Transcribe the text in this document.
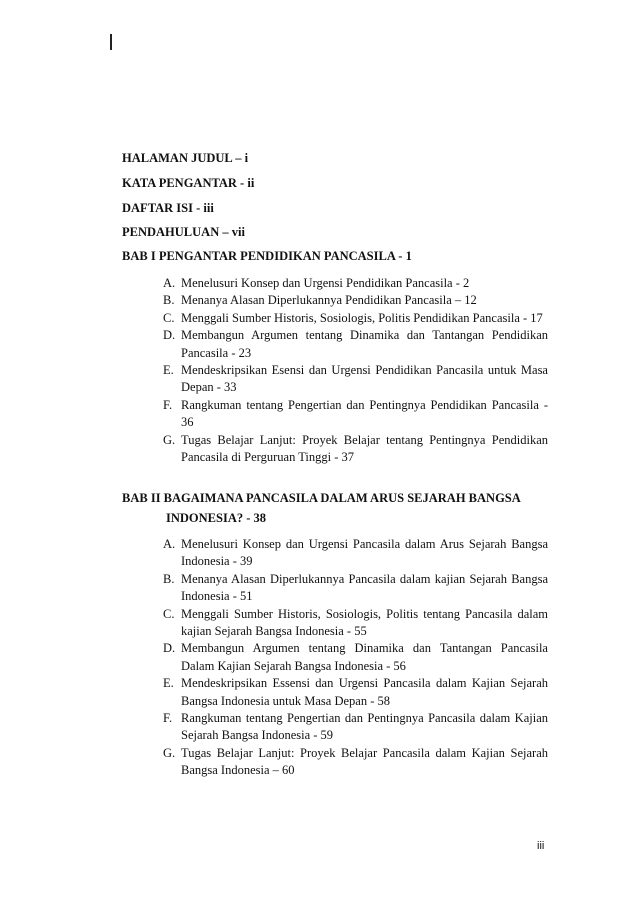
HALAMAN JUDUL – i
KATA PENGANTAR - ii
DAFTAR ISI - iii
PENDAHULUAN – vii
BAB I PENGANTAR PENDIDIKAN PANCASILA - 1
A. Menelusuri Konsep dan Urgensi Pendidikan Pancasila - 2
B. Menanya Alasan Diperlukannya Pendidikan Pancasila – 12
C. Menggali Sumber Historis, Sosiologis, Politis Pendidikan Pancasila - 17
D. Membangun Argumen tentang Dinamika dan Tantangan Pendidikan Pancasila - 23
E. Mendeskripsikan Esensi dan Urgensi Pendidikan Pancasila untuk Masa Depan - 33
F. Rangkuman tentang Pengertian dan Pentingnya Pendidikan Pancasila - 36
G. Tugas Belajar Lanjut: Proyek Belajar tentang Pentingnya Pendidikan Pancasila di Perguruan Tinggi - 37
BAB II BAGAIMANA PANCASILA DALAM ARUS SEJARAH BANGSA
INDONESIA? - 38
A. Menelusuri Konsep dan Urgensi Pancasila dalam Arus Sejarah Bangsa Indonesia - 39
B. Menanya Alasan Diperlukannya Pancasila dalam kajian Sejarah Bangsa Indonesia - 51
C. Menggali Sumber Historis, Sosiologis, Politis tentang Pancasila dalam kajian Sejarah Bangsa Indonesia - 55
D. Membangun Argumen tentang Dinamika dan Tantangan Pancasila Dalam Kajian Sejarah Bangsa Indonesia - 56
E. Mendeskripsikan Essensi dan Urgensi Pancasila dalam Kajian Sejarah Bangsa Indonesia untuk Masa Depan - 58
F. Rangkuman tentang Pengertian dan Pentingnya Pancasila dalam Kajian Sejarah Bangsa Indonesia - 59
G. Tugas Belajar Lanjut: Proyek Belajar Pancasila dalam Kajian Sejarah Bangsa Indonesia – 60
iii
